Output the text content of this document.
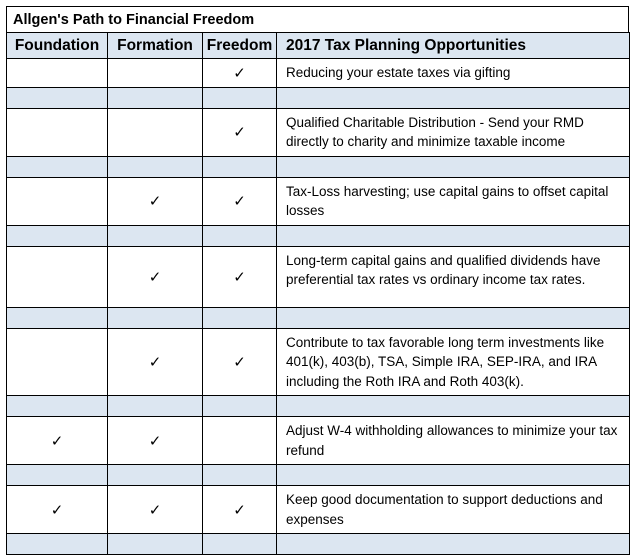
Allgen's Path to Financial Freedom
Foundation	Formation	Freedom	2017 Tax Planning Opportunities
		✓	Reducing your estate taxes via gifting

		✓	Qualified Charitable Distribution - Send your RMD directly to charity and minimize taxable income

	✓	✓	Tax-Loss harvesting; use capital gains to offset capital losses

	✓	✓	Long-term capital gains and qualified dividends have preferential tax rates vs ordinary income tax rates.

	✓	✓	Contribute to tax favorable long term investments like 401(k), 403(b), TSA, Simple IRA, SEP-IRA, and IRA including the Roth IRA and Roth 403(k).

✓	✓		Adjust W-4 withholding allowances to minimize your tax refund

✓	✓	✓	Keep good documentation to support deductions and expenses
